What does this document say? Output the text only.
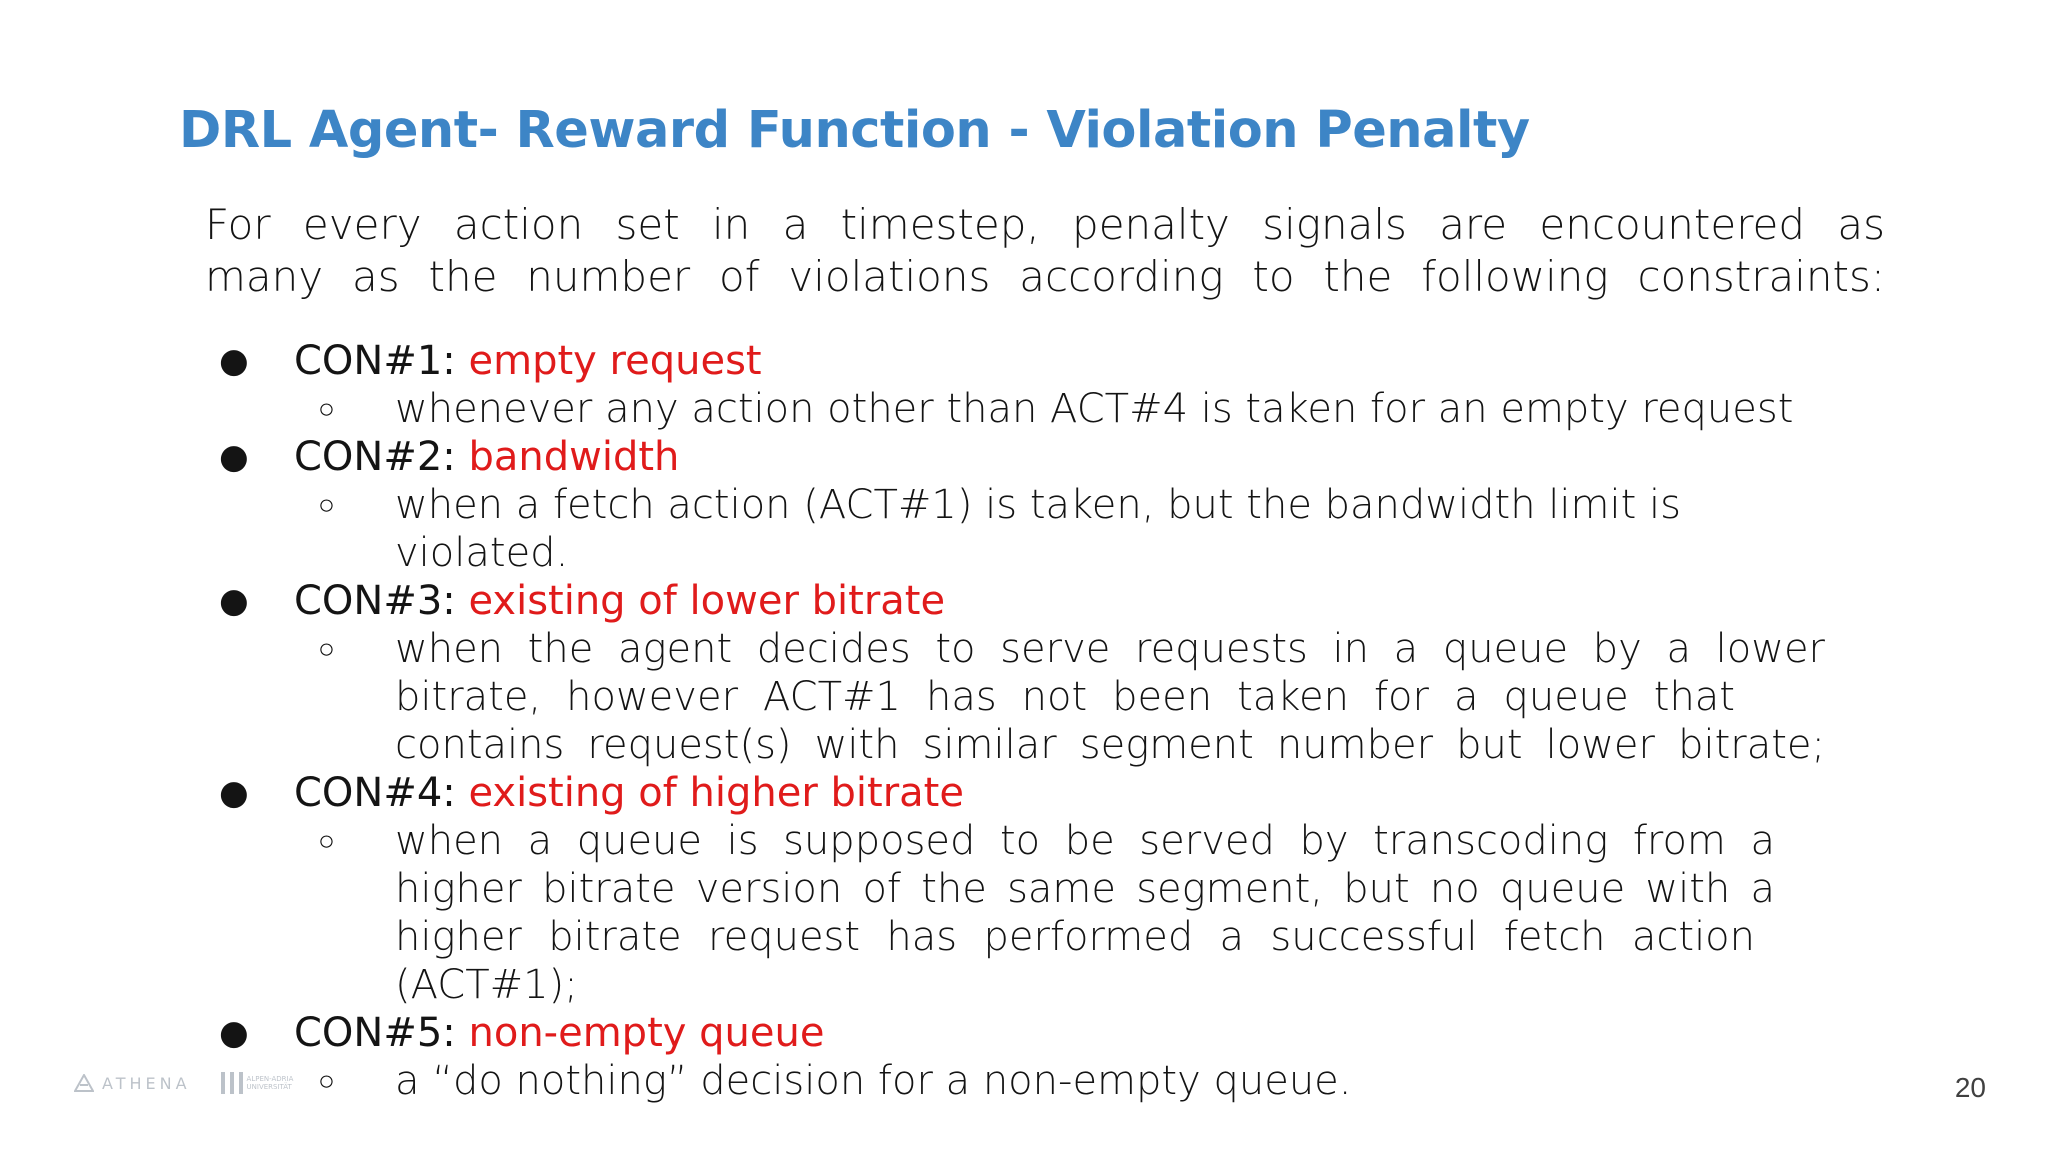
DRL Agent- Reward Function - Violation Penalty

For every action set in a timestep, penalty signals are encountered as
many as the number of violations according to the following constraints:

● CON#1: empty request
○ whenever any action other than ACT#4 is taken for an empty request
● CON#2: bandwidth
○ when a fetch action (ACT#1) is taken, but the bandwidth limit is
violated.
● CON#3: existing of lower bitrate
○ when the agent decides to serve requests in a queue by a lower
bitrate, however ACT#1 has not been taken for a queue that
contains request(s) with similar segment number but lower bitrate;
● CON#4: existing of higher bitrate
○ when a queue is supposed to be served by transcoding from a
higher bitrate version of the same segment, but no queue with a
higher bitrate request has performed a successful fetch action
(ACT#1);
● CON#5: non-empty queue
○ a “do nothing” decision for a non-empty queue.
ATHENA	ALPEN-ADRIA UNIVERSITÄT	20
